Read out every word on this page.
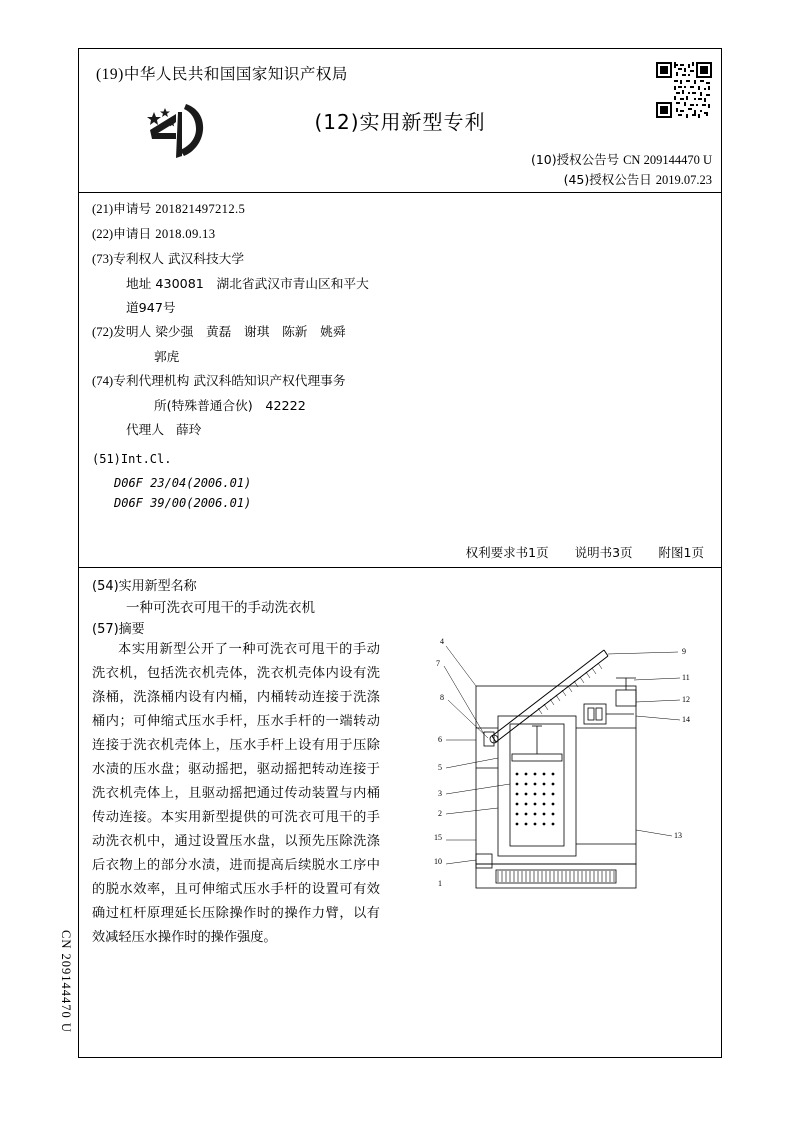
(19)中华人民共和国国家知识产权局
(12)实用新型专利
(10)授权公告号 CN 209144470 U
(45)授权公告日 2019.07.23
(21)申请号 201821497212.5
(22)申请日 2018.09.13
(73)专利权人 武汉科技大学
地址 430081　湖北省武汉市青山区和平大
道947号
(72)发明人 梁少强　黄磊　谢琪　陈新　姚舜
郭虎
(74)专利代理机构 武汉科皓知识产权代理事务
所(特殊普通合伙)　42222
代理人 薛玲
(51)Int.Cl.
D06F 23/04(2006.01)
D06F 39/00(2006.01)
权利要求书1页 说明书3页 附图1页
(54)实用新型名称
一种可洗衣可甩干的手动洗衣机
(57)摘要
本实用新型公开了一种可洗衣可甩干的手动洗衣机，包括洗衣机壳体，洗衣机壳体内设有洗涤桶，洗涤桶内设有内桶，内桶转动连接于洗涤桶内；可伸缩式压水手杆，压水手杆的一端转动连接于洗衣机壳体上，压水手杆上设有用于压除水渍的压水盘；驱动摇把，驱动摇把转动连接于洗衣机壳体上，且驱动摇把通过传动装置与内桶传动连接。本实用新型提供的可洗衣可甩干的手动洗衣机中，通过设置压水盘，以预先压除洗涤后衣物上的部分水渍，进而提高后续脱水工序中的脱水效率，且可伸缩式压水手杆的设置可有效确过杠杆原理延长压除操作时的操作力臂，以有效减轻压水操作时的操作强度。
CN 209144470 U
4
7
8
6
5
3
2
15
10
1
9
11
12
14
13
